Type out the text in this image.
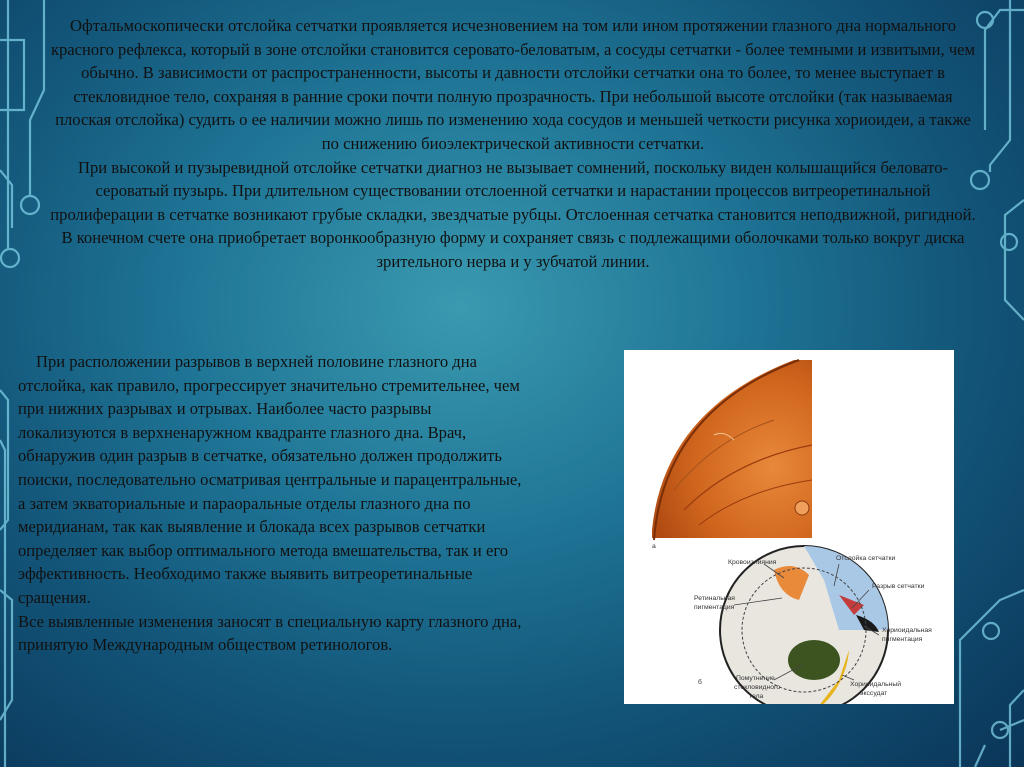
Офтальмоскопически отслойка сетчатки проявляется исчезновением на том или ином протяжении глазного дна нормального красного рефлекса, который в зоне отслойки становится серовато-беловатым, а сосуды сетчатки - более темными и извитыми, чем обычно. В зависимости от распространенности, высоты и давности отслойки сетчатки она то более, то менее выступает в стекловидное тело, сохраняя в ранние сроки почти полную прозрачность. При небольшой высоте отслойки (так называемая плоская отслойка) судить о ее наличии можно лишь по изменению хода сосудов и меньшей четкости рисунка хориоидеи, а также по снижению биоэлектрической активности сетчатки.

При высокой и пузыревидной отслойке сетчатки диагноз не вызывает сомнений, поскольку виден колышащийся беловато-сероватый пузырь. При длительном существовании отслоенной сетчатки и нарастании процессов витреоретинальной пролиферации в сетчатке возникают грубые складки, звездчатые рубцы. Отслоенная сетчатка становится неподвижной, ригидной. В конечном счете она приобретает воронкообразную форму и сохраняет связь с подлежащими оболочками только вокруг диска зрительного нерва и у зубчатой линии.

При расположении разрывов в верхней половине глазного дна отслойка, как правило, прогрессирует значительно стремительнее, чем при нижних разрывах и отрывах. Наиболее часто разрывы локализуются в верхненаружном квадранте глазного дна. Врач, обнаружив один разрыв в сетчатке, обязательно должен продолжить поиски, последовательно осматривая центральные и парацентральные, а затем экваториальные и параоральные отделы глазного дна по меридианам, так как выявление и блокада всех разрывов сетчатки определяет как выбор оптимального метода вмешательства, так и его эффективность. Необходимо также выявить витреоретинальные сращения.

Все выявленные изменения заносят в специальную карту глазного дна, принятую Международным обществом ретинологов.

а
Кровоизлияния
Отслойка сетчатки
Разрыв сетчатки
Ретинальная
пигментация
Хориоидальная
пигментация
Помутнение
стекловидного
тела
Хориоидальный
экссудат
б
